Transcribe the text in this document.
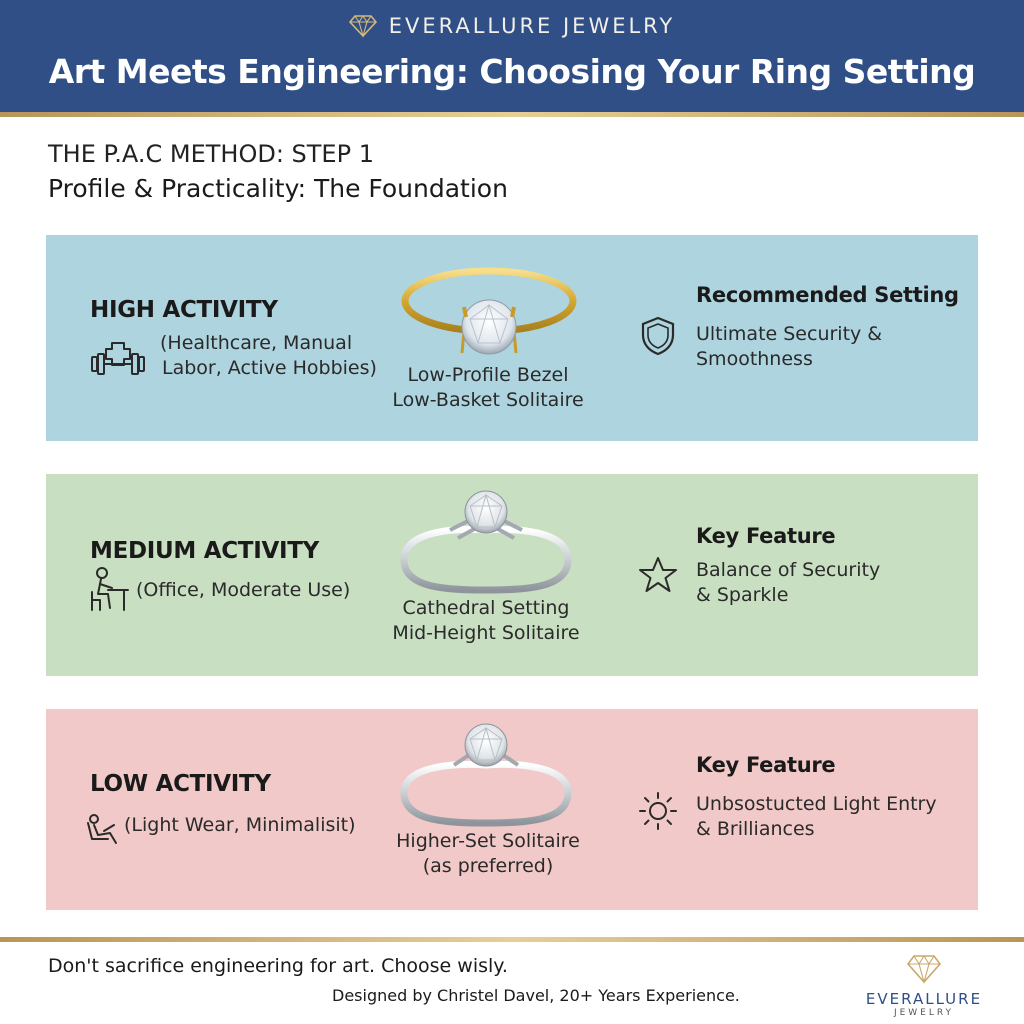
EVERALLURE JEWELRY
Art Meets Engineering: Choosing Your Ring Setting
THE P.A.C METHOD: STEP 1
Profile & Practicality: The Foundation
HIGH ACTIVITY
(Healthcare, Manual
Labor, Active Hobbies)	Low-Profile Bezel
Low-Basket Solitaire
Recommended Setting
Ultimate Security &
Smoothness
MEDIUM ACTIVITY
(Office, Moderate Use)
Cathedral Setting
Mid-Height Solitaire
Key Feature
Balance of Security
& Sparkle
LOW ACTIVITY
(Light Wear, Minimalisit)
Higher-Set Solitaire
(as preferred)
Key Feature
Unbsostucted Light Entry
& Brilliances
Don't sacrifice engineering for art. Choose wisly.
Designed by Christel Davel, 20+ Years Experience.	EVERALLURE
JEWELRY
